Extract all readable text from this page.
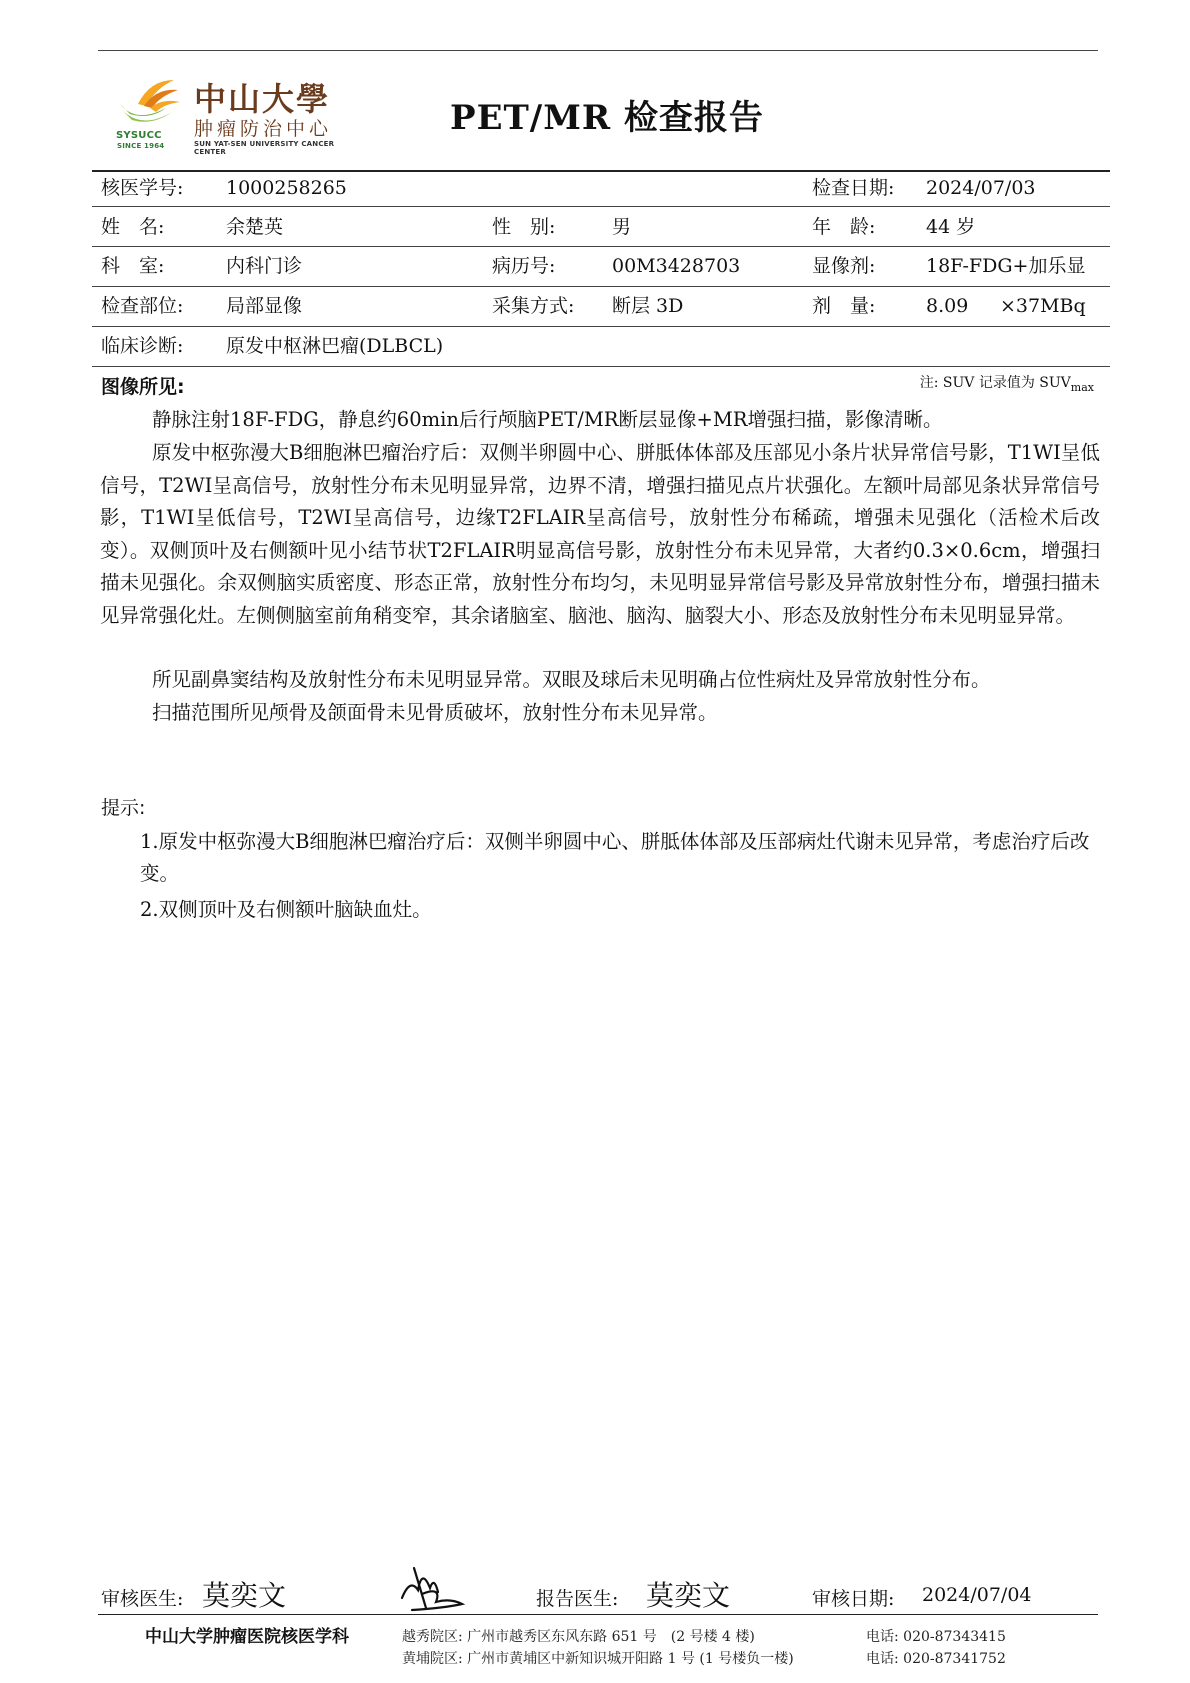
SYSUCC
SINCE 1964
中山大學
肿瘤防治中心
SUN YAT-SEN UNIVERSITY CANCER CENTER
PET/MR 检查报告
核医学号: 1000258265	检查日期: 2024/07/03
姓　名:	余楚英	性　别:	男	年　龄:	44 岁
科　室:	内科门诊	病历号:	00M3428703	显像剂:	18F-FDG+加乐显
检查部位: 局部显像	采集方式: 断层 3D	剂　量:	8.09 ×37MBq
临床诊断: 原发中枢淋巴瘤(DLBCL)
图像所见:	注: SUV 记录值为 $SUV_{max}$

静脉注射18F-FDG，静息约60min后行颅脑PET/MR断层显像+MR增强扫描，影像清晰。

原发中枢弥漫大B细胞淋巴瘤治疗后：双侧半卵圆中心、胼胝体体部及压部见小条片状异常信号影，T1WI呈低信号，T2WI呈高信号，放射性分布未见明显异常，边界不清，增强扫描见点片状强化。左额叶局部见条状异常信号影，T1WI呈低信号，T2WI呈高信号，边缘T2FLAIR呈高信号，放射性分布稀疏，增强未见强化（活检术后改变）。双侧顶叶及右侧额叶见小结节状T2FLAIR明显高信号影，放射性分布未见异常，大者约0.3×0.6cm，增强扫描未见强化。余双侧脑实质密度、形态正常，放射性分布均匀，未见明显异常信号影及异常放射性分布，增强扫描未见异常强化灶。左侧侧脑室前角稍变窄，其余诸脑室、脑池、脑沟、脑裂大小、形态及放射性分布未见明显异常。

所见副鼻窦结构及放射性分布未见明显异常。双眼及球后未见明确占位性病灶及异常放射性分布。

扫描范围所见颅骨及颌面骨未见骨质破坏，放射性分布未见异常。

提示:

1.原发中枢弥漫大B细胞淋巴瘤治疗后：双侧半卵圆中心、胼胝体体部及压部病灶代谢未见异常，考虑治疗后改变。

2.双侧顶叶及右侧额叶脑缺血灶。

审核医生: 莫奕文	报告医生: 莫奕文	审核日期: 2024/07/04
中山大学肿瘤医院核医学科	越秀院区: 广州市越秀区东风东路 651 号　(2 号楼 4 楼)
黄埔院区: 广州市黄埔区中新知识城开阳路 1 号 (1 号楼负一楼)
电话: 020-87343415
电话: 020-87341752
